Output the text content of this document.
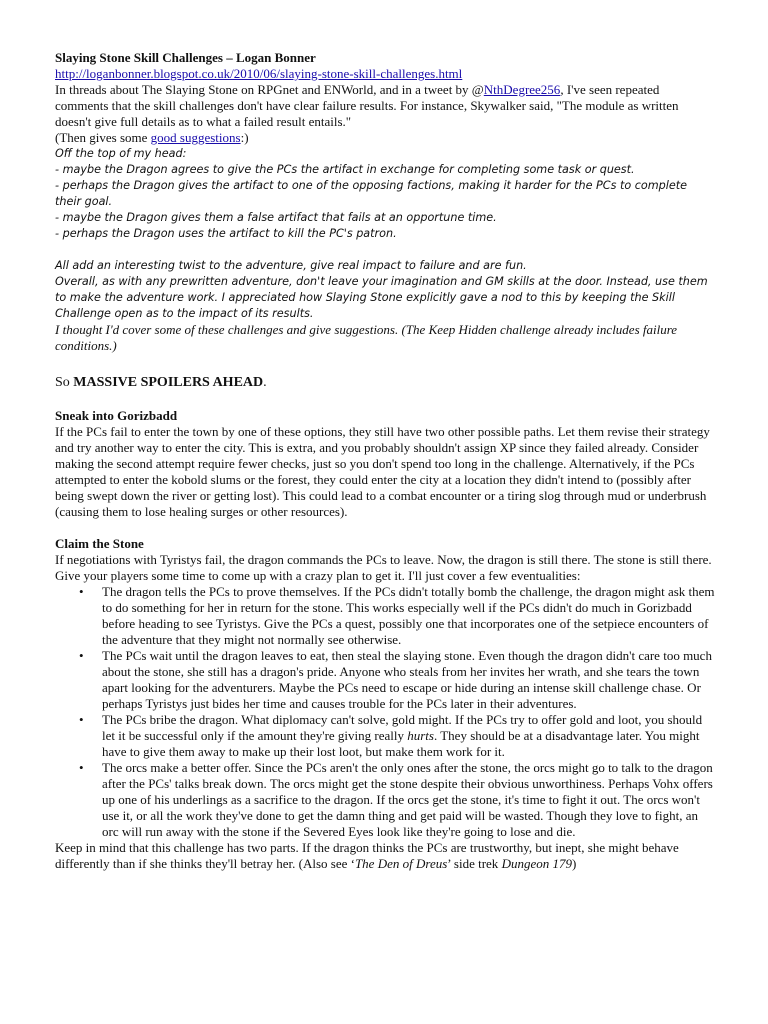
Slaying Stone Skill Challenges – Logan Bonner

http://loganbonner.blogspot.co.uk/2010/06/slaying-stone-skill-challenges.html

In threads about The Slaying Stone on RPGnet and ENWorld, and in a tweet by @NthDegree256, I've seen repeated comments that the skill challenges don't have clear failure results. For instance, Skywalker said, "The module as written doesn't give full details as to what a failed result entails."

(Then gives some good suggestions:)

Off the top of my head:

- maybe the Dragon agrees to give the PCs the artifact in exchange for completing some task or quest.

- perhaps the Dragon gives the artifact to one of the opposing factions, making it harder for the PCs to complete their goal.

- maybe the Dragon gives them a false artifact that fails at an opportune time.

- perhaps the Dragon uses the artifact to kill the PC's patron.

All add an interesting twist to the adventure, give real impact to failure and are fun.

Overall, as with any prewritten adventure, don't leave your imagination and GM skills at the door. Instead, use them to make the adventure work. I appreciated how Slaying Stone explicitly gave a nod to this by keeping the Skill Challenge open as to the impact of its results.

I thought I'd cover some of these challenges and give suggestions. (The Keep Hidden challenge already includes failure conditions.)

So MASSIVE SPOILERS AHEAD.

Sneak into Gorizbadd

If the PCs fail to enter the town by one of these options, they still have two other possible paths. Let them revise their strategy and try another way to enter the city. This is extra, and you probably shouldn't assign XP since they failed already. Consider making the second attempt require fewer checks, just so you don't spend too long in the challenge. Alternatively, if the PCs attempted to enter the kobold slums or the forest, they could enter the city at a location they didn't intend to (possibly after being swept down the river or getting lost). This could lead to a combat encounter or a tiring slog through mud or underbrush (causing them to lose healing surges or other resources).

Claim the Stone

If negotiations with Tyristys fail, the dragon commands the PCs to leave. Now, the dragon is still there. The stone is still there. Give your players some time to come up with a crazy plan to get it. I'll just cover a few eventualities:

• The dragon tells the PCs to prove themselves. If the PCs didn't totally bomb the challenge, the dragon might ask them to do something for her in return for the stone. This works especially well if the PCs didn't do much in Gorizbadd before heading to see Tyristys. Give the PCs a quest, possibly one that incorporates one of the setpiece encounters of the adventure that they might not normally see otherwise.
• The PCs wait until the dragon leaves to eat, then steal the slaying stone. Even though the dragon didn't care too much about the stone, she still has a dragon's pride. Anyone who steals from her invites her wrath, and she tears the town apart looking for the adventurers. Maybe the PCs need to escape or hide during an intense skill challenge chase. Or perhaps Tyristys just bides her time and causes trouble for the PCs later in their adventures.
• The PCs bribe the dragon. What diplomacy can't solve, gold might. If the PCs try to offer gold and loot, you should let it be successful only if the amount they're giving really hurts. They should be at a disadvantage later. You might have to give them away to make up their lost loot, but make them work for it.
• The orcs make a better offer. Since the PCs aren't the only ones after the stone, the orcs might go to talk to the dragon after the PCs' talks break down. The orcs might get the stone despite their obvious unworthiness. Perhaps Vohx offers up one of his underlings as a sacrifice to the dragon. If the orcs get the stone, it's time to fight it out. The orcs won't use it, or all the work they've done to get the damn thing and get paid will be wasted. Though they love to fight, an orc will run away with the stone if the Severed Eyes look like they're going to lose and die.

Keep in mind that this challenge has two parts. If the dragon thinks the PCs are trustworthy, but inept, she might behave differently than if she thinks they'll betray her. (Also see ‘The Den of Dreus’ side trek Dungeon 179)
